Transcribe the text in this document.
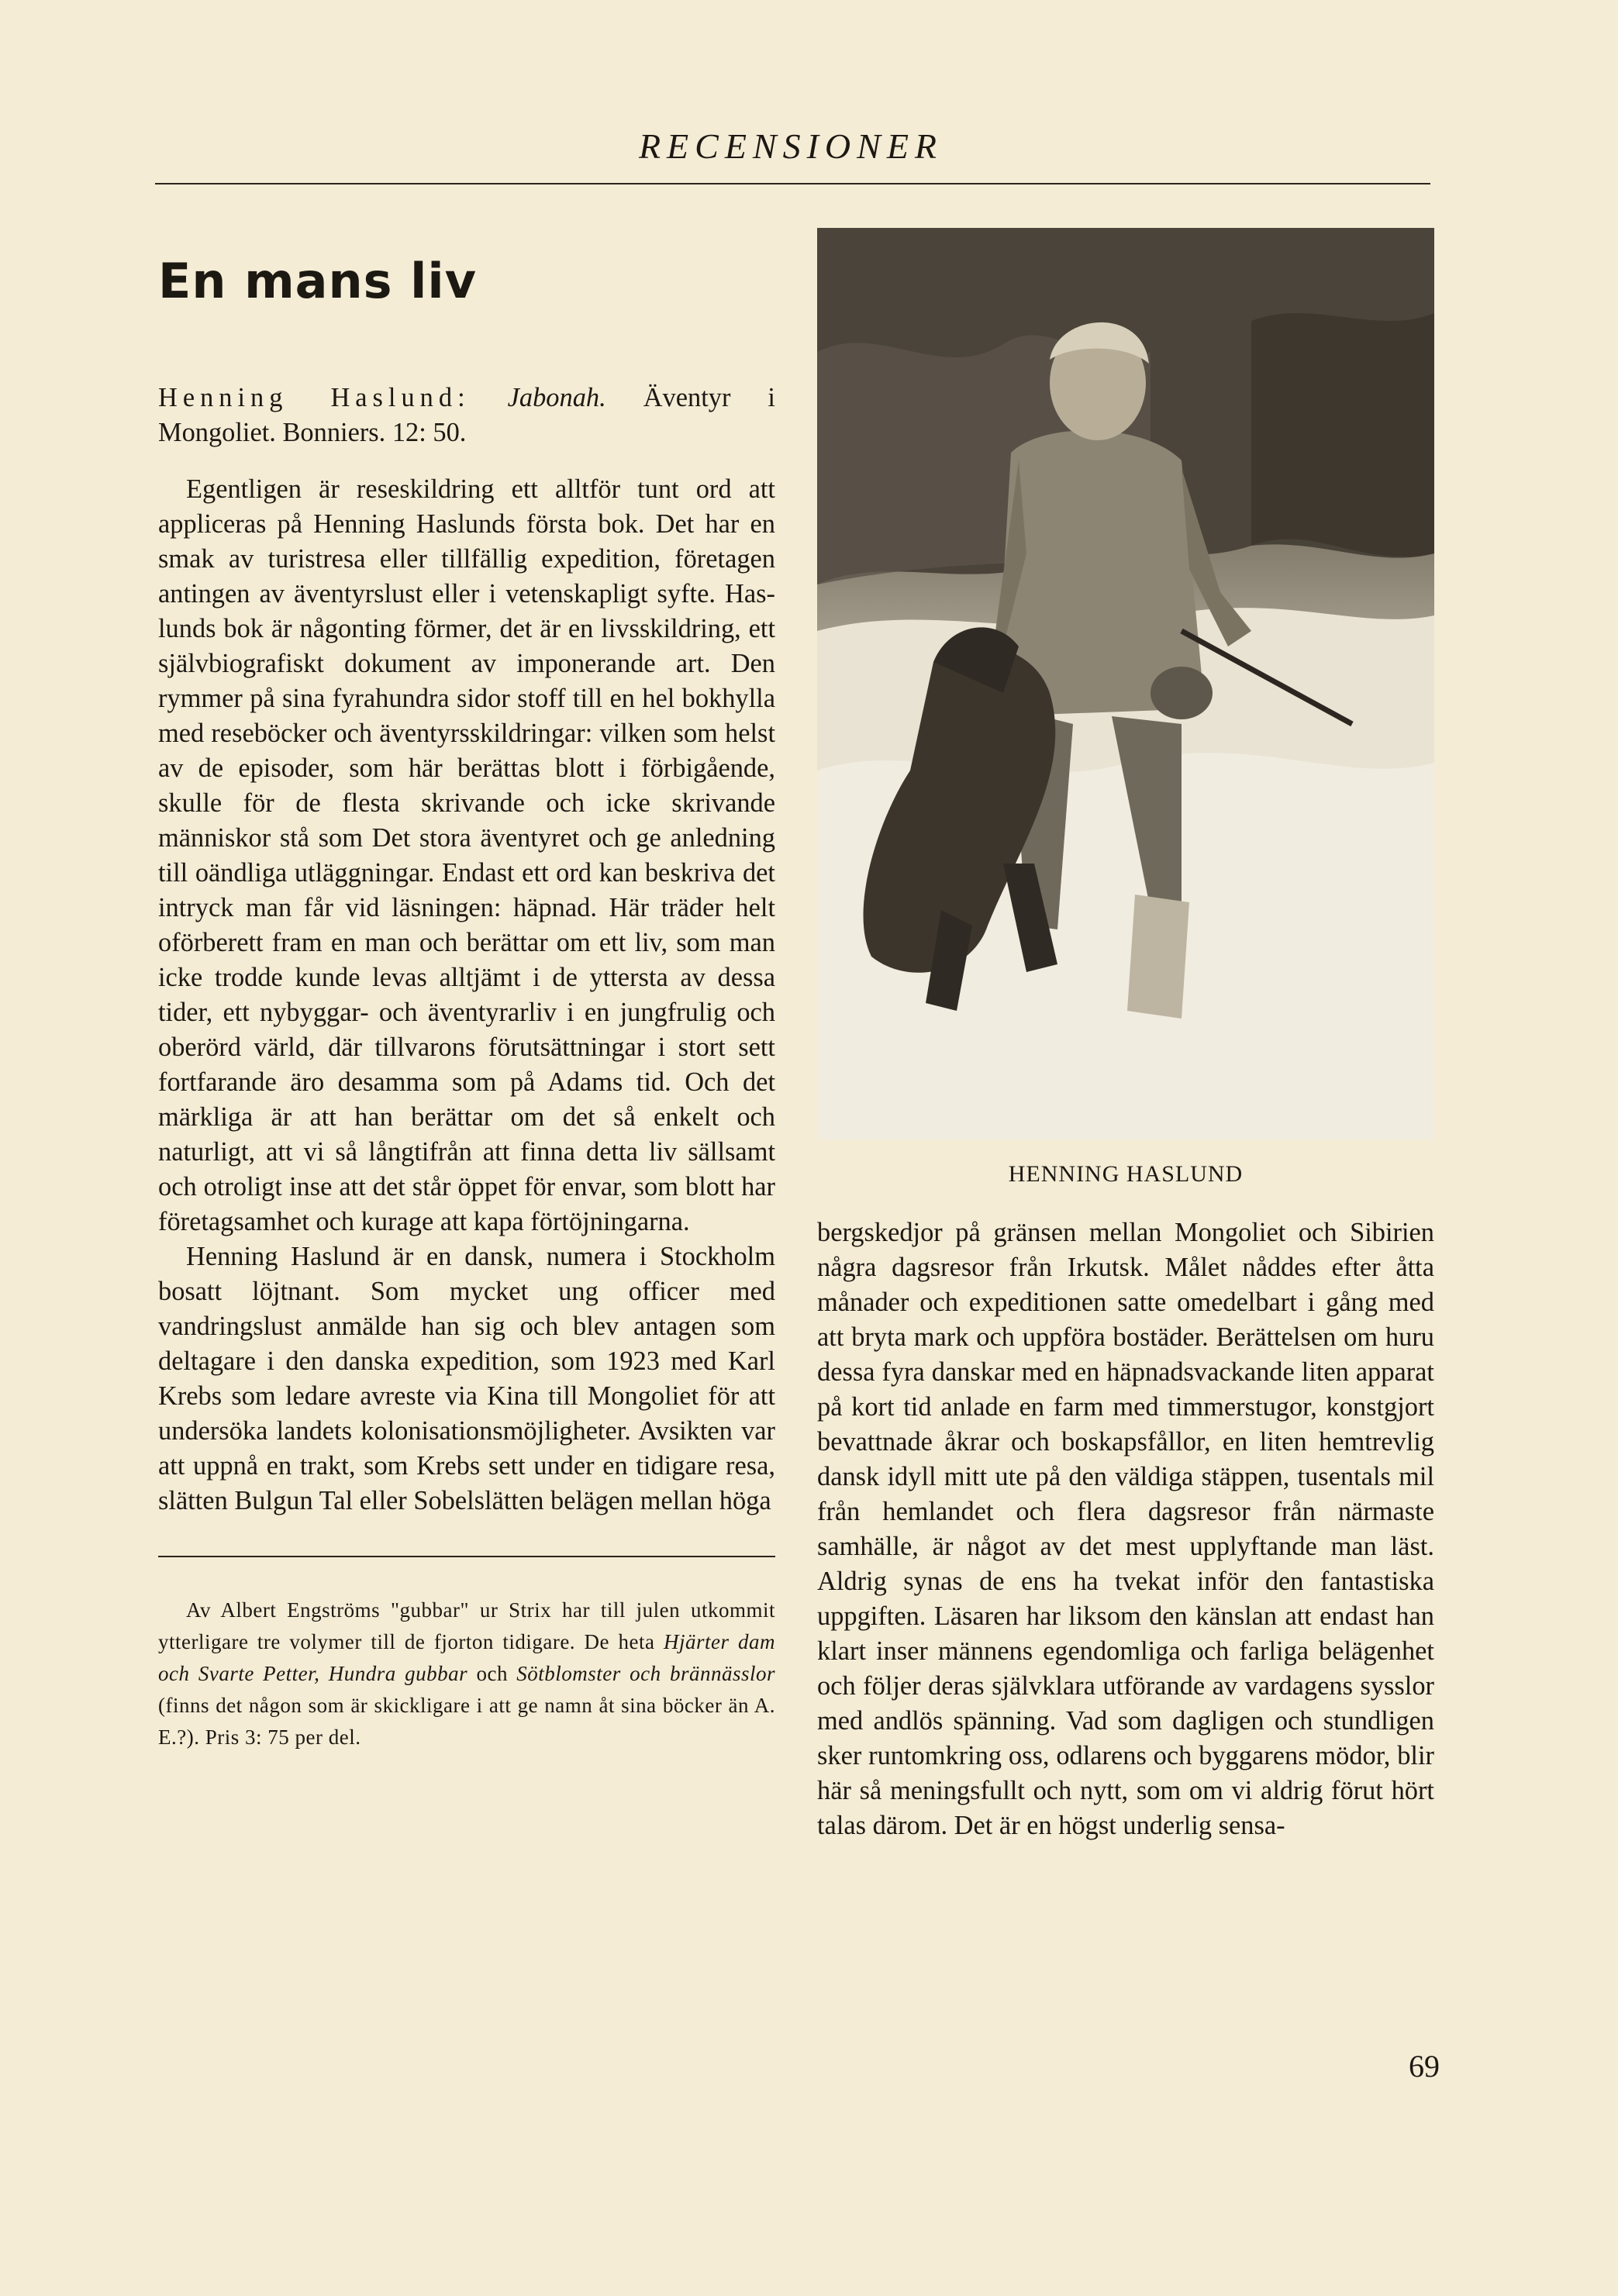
RECENSIONER
En mans liv

Henning Haslund: Jabonah. Äventyr i Mongoliet. Bonniers. 12: 50.

Egentligen är reseskildring ett alltför tunt ord att appliceras på Henning Haslunds första bok. Det har en smak av turistresa eller tillfällig expedition, företagen antingen av äventyrslust eller i vetenskapligt syfte. Haslunds bok är någonting förmer, det är en livsskildring, ett självbiografiskt dokument av imponerande art. Den rymmer på sina fyrahundra sidor stoff till en hel bokhylla med reseböcker och äventyrsskildringar: vilken som helst av de episoder, som här berättas blott i förbigående, skulle för de flesta skrivande och icke skrivande människor stå som Det stora äventyret och ge anledning till oändliga utläggningar. Endast ett ord kan beskriva det intryck man får vid läsningen: häpnad. Här träder helt oförberett fram en man och berättar om ett liv, som man icke trodde kunde levas alltjämt i de yttersta av dessa tider, ett nybyggar- och äventyrarliv i en jungfrulig och oberörd värld, där tillvarons förutsättningar i stort sett fortfarande äro desamma som på Adams tid. Och det märkliga är att han berättar om det så enkelt och naturligt, att vi så långtifrån att finna detta liv sällsamt och otroligt inse att det står öppet för envar, som blott har företagsamhet och kurage att kapa förtöjningarna.

Henning Haslund är en dansk, numera i Stockholm bosatt löjtnant. Som mycket ung officer med vandringslust anmälde han sig och blev antagen som deltagare i den danska expedition, som 1923 med Karl Krebs som ledare avreste via Kina till Mongoliet för att undersöka landets kolonisationsmöjligheter. Avsikten var att uppnå en trakt, som Krebs sett under en tidigare resa, slätten Bulgun Tal eller Sobelslätten belägen mellan höga

Av Albert Engströms "gubbar" ur Strix har till julen utkommit ytterligare tre volymer till de fjorton tidigare. De heta Hjärter dam och Svarte Petter, Hundra gubbar och Sötblomster och brännässlor (finns det någon som är skickligare i att ge namn åt sina böcker än A. E.?). Pris 3: 75 per del.

HENNING HASLUND

bergskedjor på gränsen mellan Mongoliet och Sibirien några dagsresor från Irkutsk. Målet nåddes efter åtta månader och expeditionen satte omedelbart i gång med att bryta mark och uppföra bostäder. Berättelsen om huru dessa fyra danskar med en häpnadsvackande liten apparat på kort tid anlade en farm med timmerstugor, konstgjort bevattnade åkrar och boskapsfållor, en liten hemtrevlig dansk idyll mitt ute på den väldiga stäppen, tusentals mil från hemlandet och flera dagsresor från närmaste samhälle, är något av det mest upplyftande man läst. Aldrig synas de ens ha tvekat inför den fantastiska uppgiften. Läsaren har liksom den känslan att endast han klart inser männens egendomliga och farliga belägenhet och följer deras självklara utförande av vardagens sysslor med andlös spänning. Vad som dagligen och stundligen sker runtomkring oss, odlarens och byggarens mödor, blir här så meningsfullt och nytt, som om vi aldrig förut hört talas därom. Det är en högst underlig sensa-

69
